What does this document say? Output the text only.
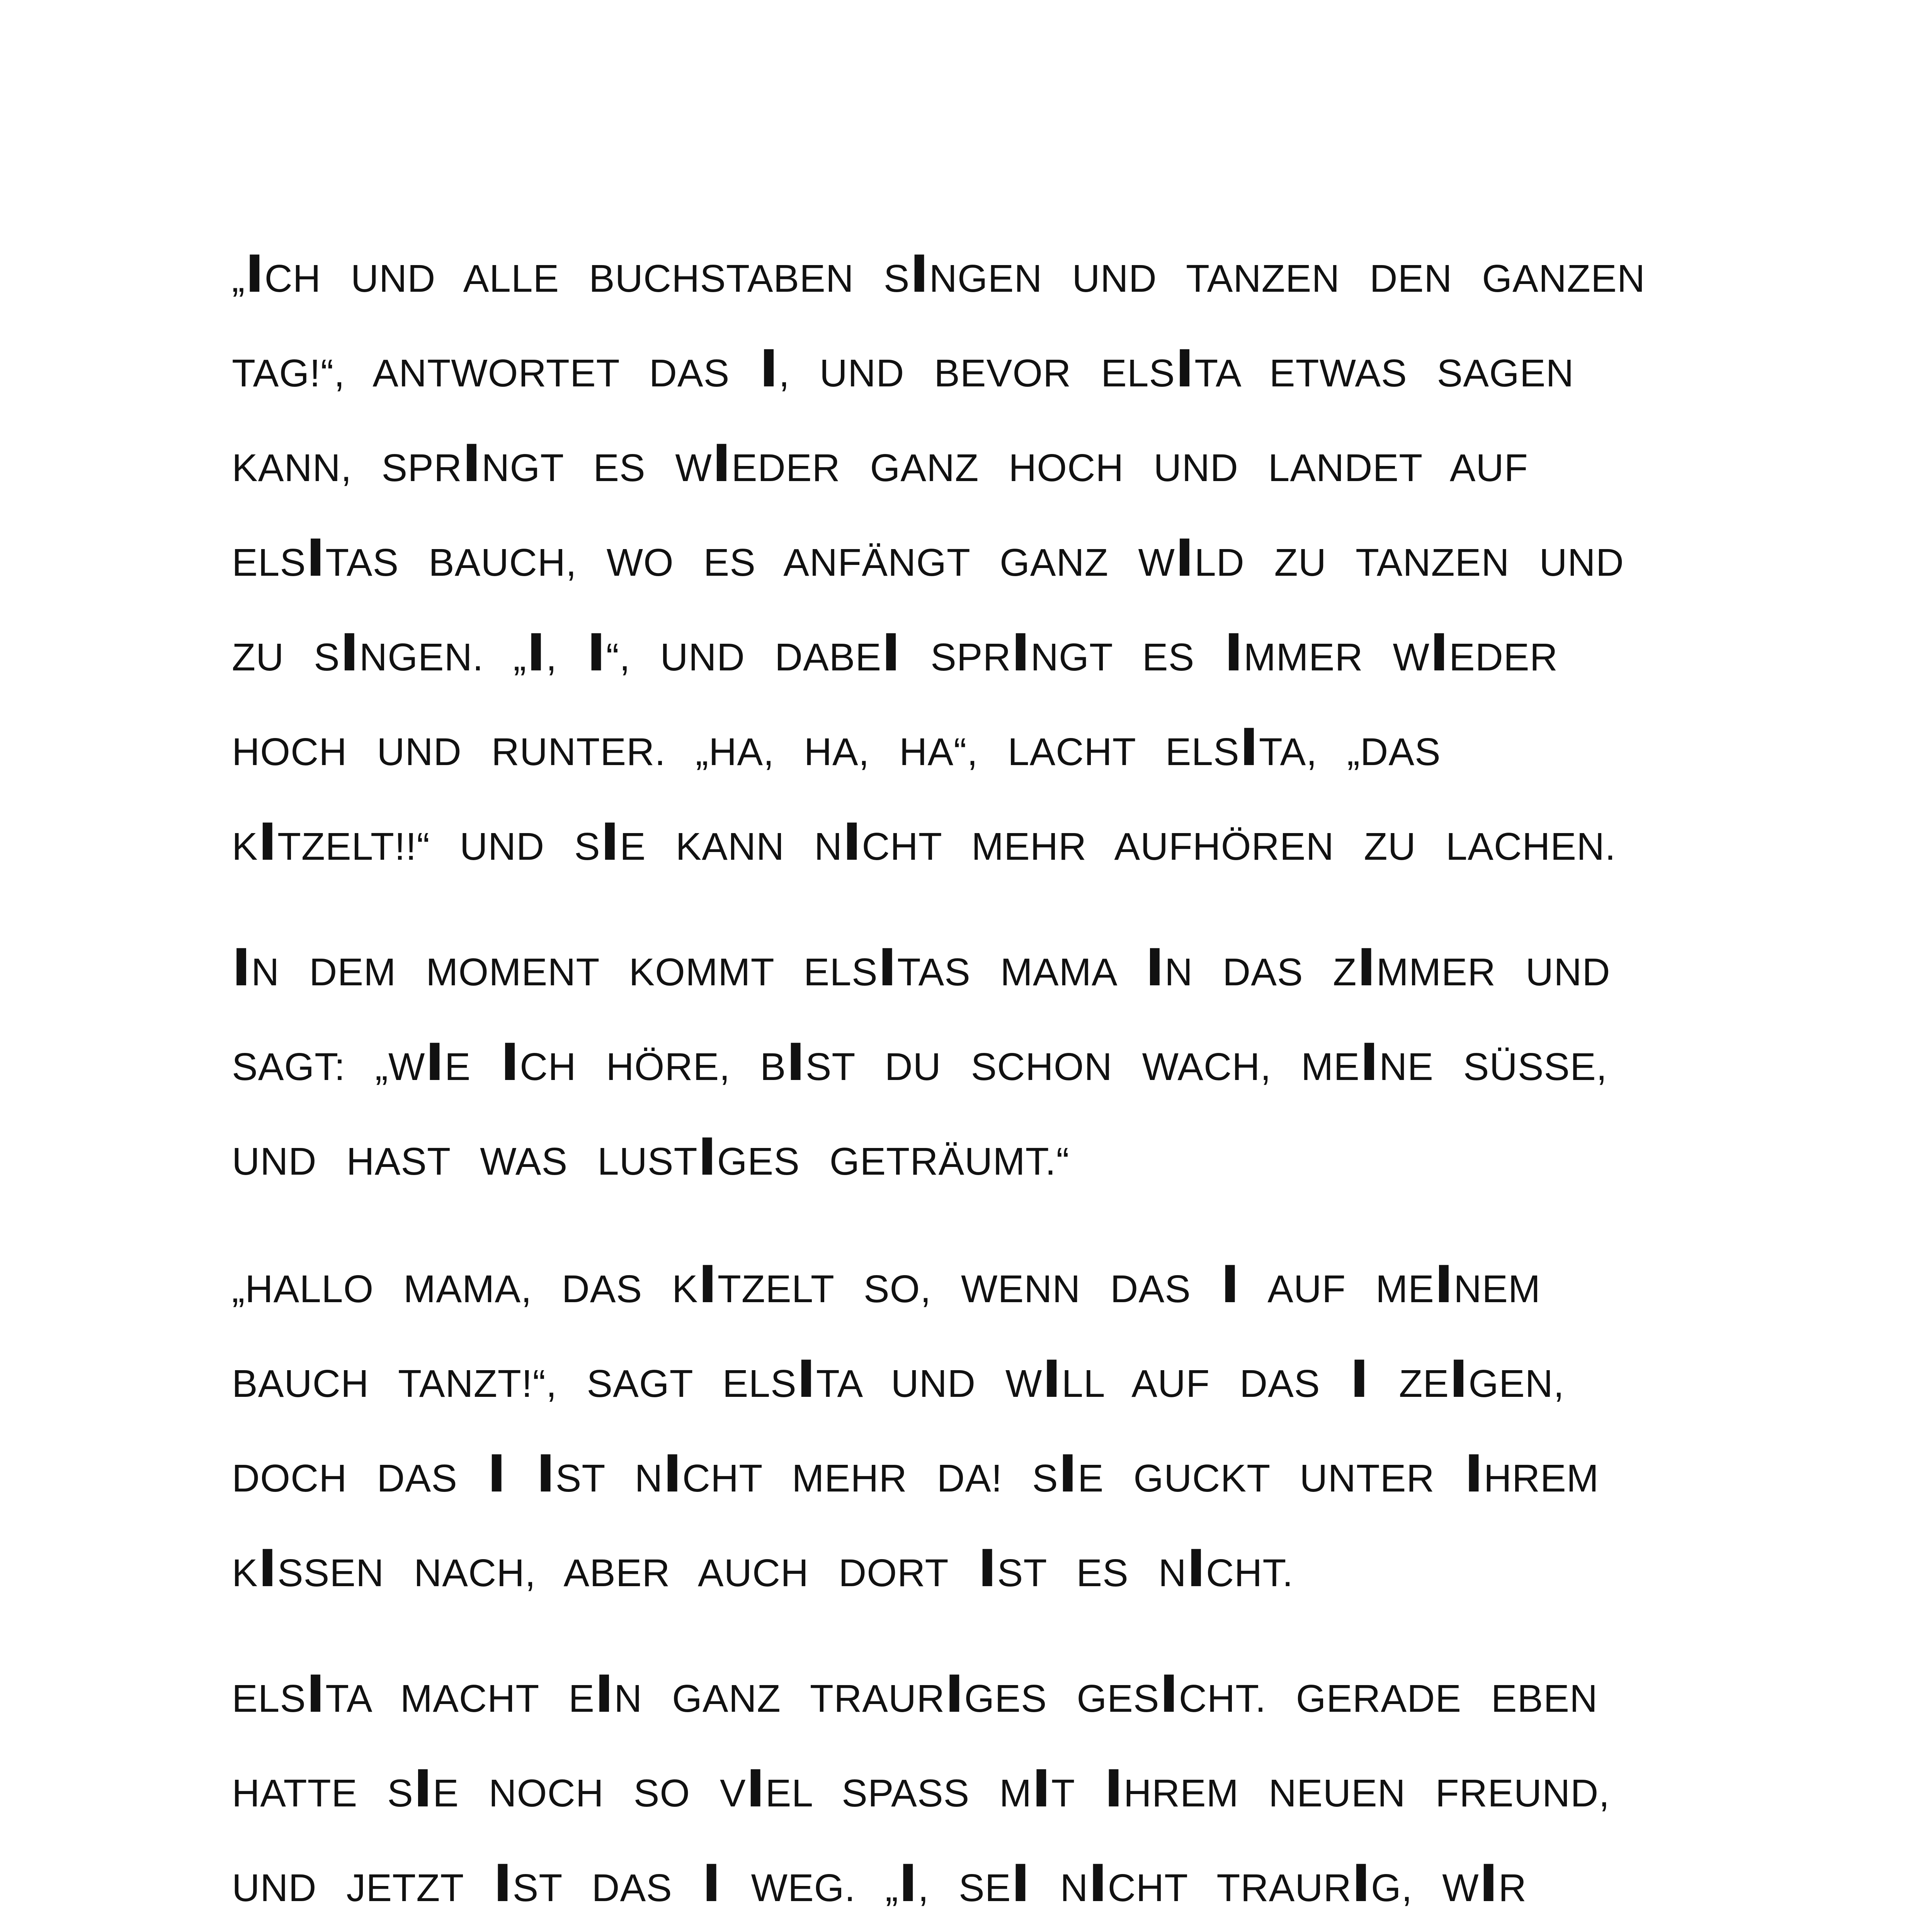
„ICH UND ALLE BUCHSTABEN SINGEN UND TANZEN DEN GANZEN
TAG!“, ANTWORTET DAS I, UND BEVOR ELSITA ETWAS SAGEN
KANN, SPRINGT ES WIEDER GANZ HOCH UND LANDET AUF
ELSITAS BAUCH, WO ES ANFÄNGT GANZ WILD ZU TANZEN UND
ZU SINGEN. „I, I“, UND DABEI SPRINGT ES IMMER WIEDER
HOCH UND RUNTER. „HA, HA, HA“, LACHT ELSITA, „DAS
KITZELT!!“ UND SIE KANN NICHT MEHR AUFHÖREN ZU LACHEN.
IN DEM MOMENT KOMMT ELSITAS MAMA IN DAS ZIMMER UND
SAGT: „WIE ICH HÖRE, BIST DU SCHON WACH, MEINE SÜSSE,
UND HAST WAS LUSTIGES GETRÄUMT.“
„HALLO MAMA, DAS KITZELT SO, WENN DAS I AUF MEINEM
BAUCH TANZT!“, SAGT ELSITA UND WILL AUF DAS I ZEIGEN,
DOCH DAS I IST NICHT MEHR DA! SIE GUCKT UNTER IHREM
KISSEN NACH, ABER AUCH DORT IST ES NICHT.
ELSITA MACHT EIN GANZ TRAURIGES GESICHT. GERADE EBEN
HATTE SIE NOCH SO VIEL SPASS MIT IHREM NEUEN FREUND,
UND JETZT IST DAS I WEG. „I, SEI NICHT TRAURIG, WIR
